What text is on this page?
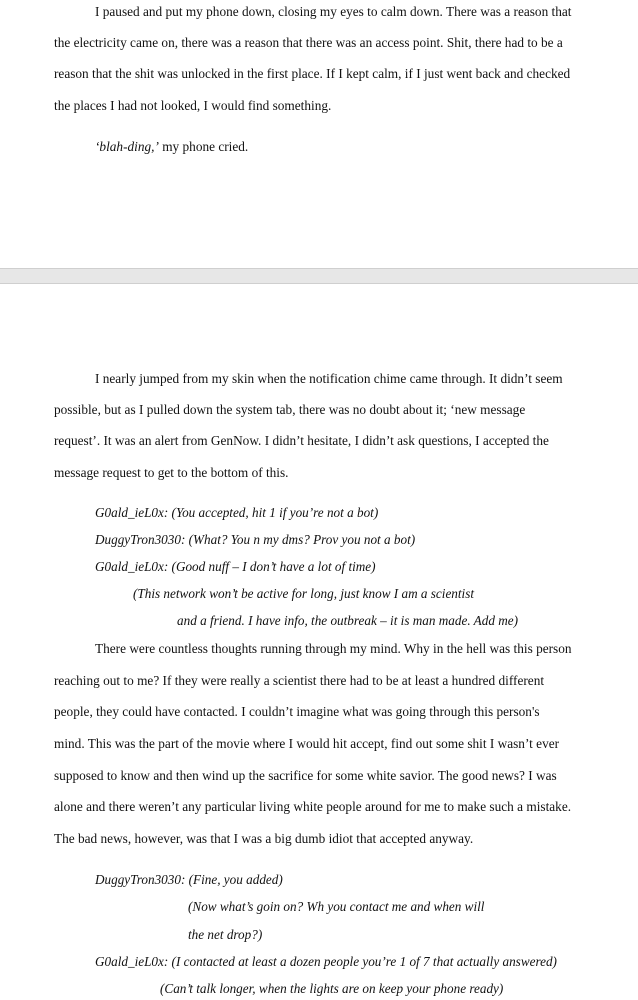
I paused and put my phone down, closing my eyes to calm down. There was a reason that
the electricity came on, there was a reason that there was an access point. Shit, there had to be a
reason that the shit was unlocked in the first place. If I kept calm, if I just went back and checked
the places I had not looked, I would find something.
‘blah-ding,’ my phone cried.
I nearly jumped from my skin when the notification chime came through. It didn’t seem
possible, but as I pulled down the system tab, there was no doubt about it; ‘new message
request’. It was an alert from GenNow. I didn’t hesitate, I didn’t ask questions, I accepted the
message request to get to the bottom of this.
G0ald_ieL0x: (You accepted, hit 1 if you’re not a bot)
DuggyTron3030: (What? You n my dms? Prov you not a bot)
G0ald_ieL0x: (Good nuff – I don’t have a lot of time)
(This network won’t be active for long, just know I am a scientist
and a friend. I have info, the outbreak – it is man made. Add me)
There were countless thoughts running through my mind. Why in the hell was this person
reaching out to me? If they were really a scientist there had to be at least a hundred different
people, they could have contacted. I couldn’t imagine what was going through this person's
mind. This was the part of the movie where I would hit accept, find out some shit I wasn’t ever
supposed to know and then wind up the sacrifice for some white savior. The good news? I was
alone and there weren’t any particular living white people around for me to make such a mistake.
The bad news, however, was that I was a big dumb idiot that accepted anyway.
DuggyTron3030: (Fine, you added)
(Now what’s goin on? Wh you contact me and when will
the net drop?)
G0ald_ieL0x: (I contacted at least a dozen people you’re 1 of 7 that actually answered)
(Can’t talk longer, when the lights are on keep your phone ready)
